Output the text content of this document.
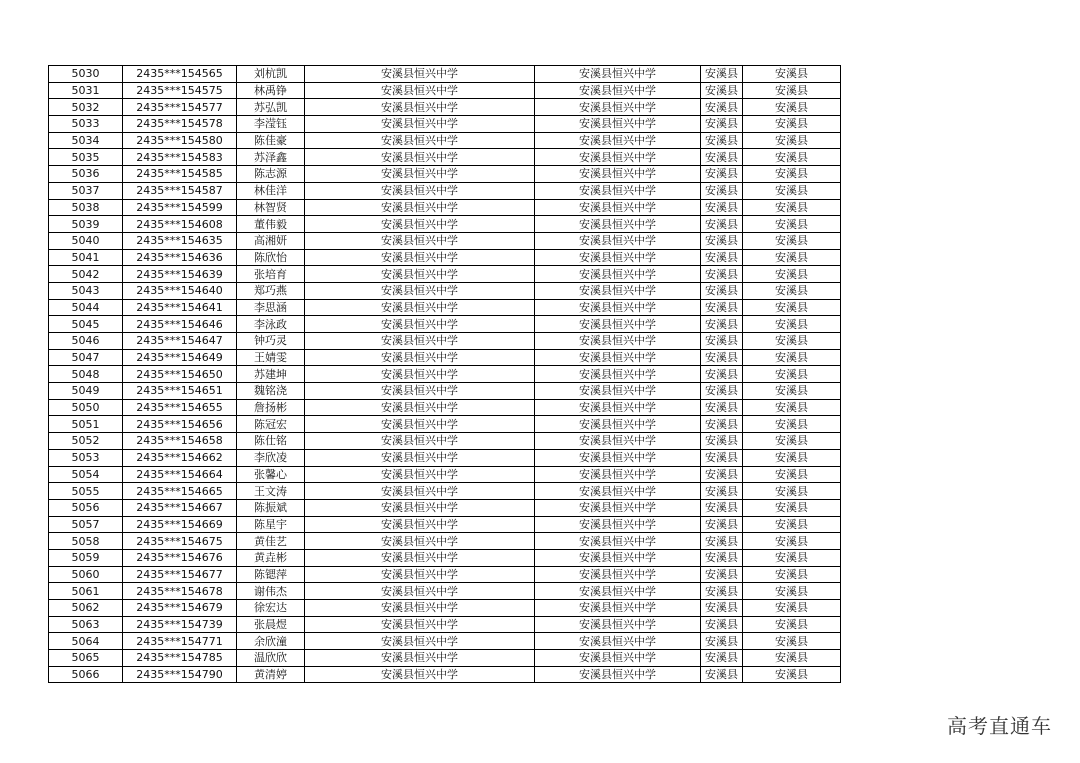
5030	2435***154565	刘杭凯	安溪县恒兴中学	安溪县恒兴中学	安溪县	安溪县
5031	2435***154575	林禹铮	安溪县恒兴中学	安溪县恒兴中学	安溪县	安溪县
5032	2435***154577	苏弘凯	安溪县恒兴中学	安溪县恒兴中学	安溪县	安溪县
5033	2435***154578	李滢钰	安溪县恒兴中学	安溪县恒兴中学	安溪县	安溪县
5034	2435***154580	陈佳豪	安溪县恒兴中学	安溪县恒兴中学	安溪县	安溪县
5035	2435***154583	苏泽鑫	安溪县恒兴中学	安溪县恒兴中学	安溪县	安溪县
5036	2435***154585	陈志源	安溪县恒兴中学	安溪县恒兴中学	安溪县	安溪县
5037	2435***154587	林佳洋	安溪县恒兴中学	安溪县恒兴中学	安溪县	安溪县
5038	2435***154599	林智贤	安溪县恒兴中学	安溪县恒兴中学	安溪县	安溪县
5039	2435***154608	董伟毅	安溪县恒兴中学	安溪县恒兴中学	安溪县	安溪县
5040	2435***154635	高湘妍	安溪县恒兴中学	安溪县恒兴中学	安溪县	安溪县
5041	2435***154636	陈欣怡	安溪县恒兴中学	安溪县恒兴中学	安溪县	安溪县
5042	2435***154639	张培育	安溪县恒兴中学	安溪县恒兴中学	安溪县	安溪县
5043	2435***154640	郑巧燕	安溪县恒兴中学	安溪县恒兴中学	安溪县	安溪县
5044	2435***154641	李思涵	安溪县恒兴中学	安溪县恒兴中学	安溪县	安溪县
5045	2435***154646	李泳政	安溪县恒兴中学	安溪县恒兴中学	安溪县	安溪县
5046	2435***154647	钟巧灵	安溪县恒兴中学	安溪县恒兴中学	安溪县	安溪县
5047	2435***154649	王婧雯	安溪县恒兴中学	安溪县恒兴中学	安溪县	安溪县
5048	2435***154650	苏建坤	安溪县恒兴中学	安溪县恒兴中学	安溪县	安溪县
5049	2435***154651	魏铭浇	安溪县恒兴中学	安溪县恒兴中学	安溪县	安溪县
5050	2435***154655	詹扬彬	安溪县恒兴中学	安溪县恒兴中学	安溪县	安溪县
5051	2435***154656	陈冠宏	安溪县恒兴中学	安溪县恒兴中学	安溪县	安溪县
5052	2435***154658	陈仕铭	安溪县恒兴中学	安溪县恒兴中学	安溪县	安溪县
5053	2435***154662	李欣凌	安溪县恒兴中学	安溪县恒兴中学	安溪县	安溪县
5054	2435***154664	张馨心	安溪县恒兴中学	安溪县恒兴中学	安溪县	安溪县
5055	2435***154665	王文涛	安溪县恒兴中学	安溪县恒兴中学	安溪县	安溪县
5056	2435***154667	陈振斌	安溪县恒兴中学	安溪县恒兴中学	安溪县	安溪县
5057	2435***154669	陈星宇	安溪县恒兴中学	安溪县恒兴中学	安溪县	安溪县
5058	2435***154675	黄佳艺	安溪县恒兴中学	安溪县恒兴中学	安溪县	安溪县
5059	2435***154676	黄垚彬	安溪县恒兴中学	安溪县恒兴中学	安溪县	安溪县
5060	2435***154677	陈锶萍	安溪县恒兴中学	安溪县恒兴中学	安溪县	安溪县
5061	2435***154678	谢伟杰	安溪县恒兴中学	安溪县恒兴中学	安溪县	安溪县
5062	2435***154679	徐宏达	安溪县恒兴中学	安溪县恒兴中学	安溪县	安溪县
5063	2435***154739	张晨煜	安溪县恒兴中学	安溪县恒兴中学	安溪县	安溪县
5064	2435***154771	余欣潼	安溪县恒兴中学	安溪县恒兴中学	安溪县	安溪县
5065	2435***154785	温欣欣	安溪县恒兴中学	安溪县恒兴中学	安溪县	安溪县
5066	2435***154790	黄清婷	安溪县恒兴中学	安溪县恒兴中学	安溪县	安溪县
高考直通车
